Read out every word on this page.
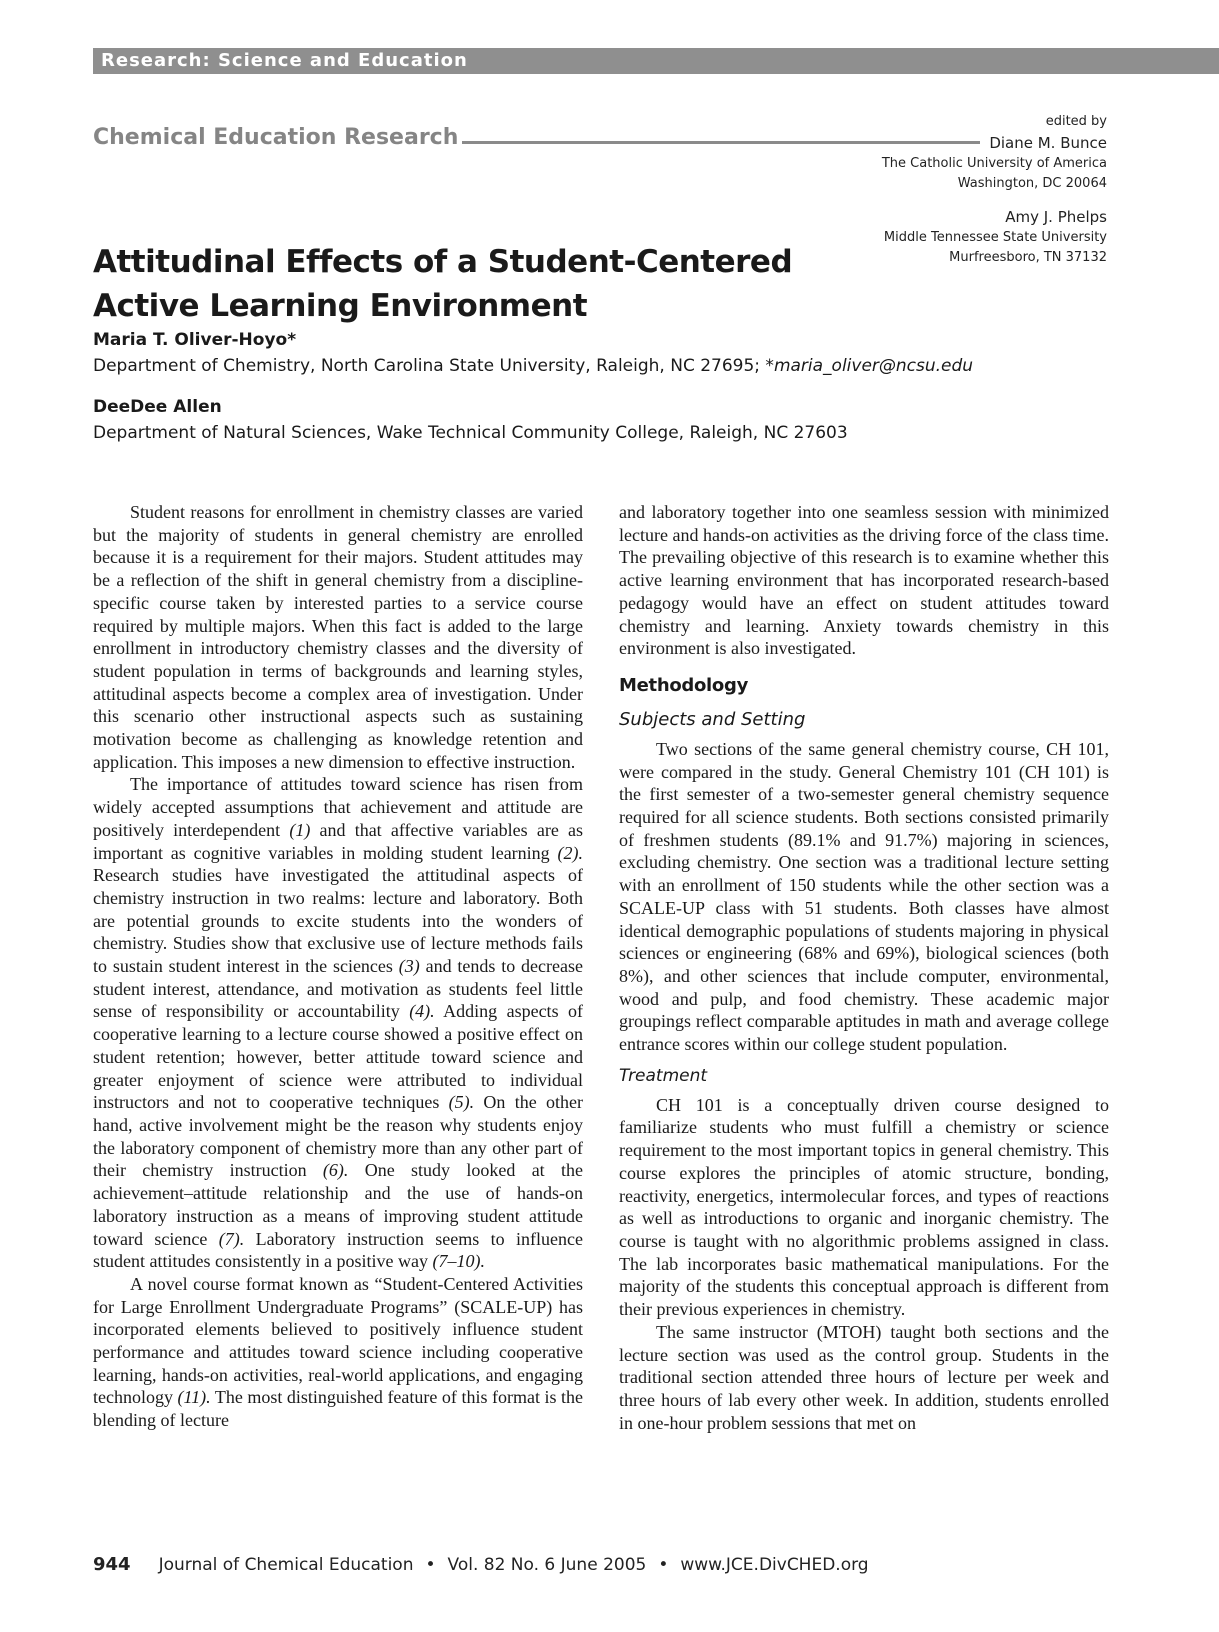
Research: Science and Education
Chemical Education Research
edited by
Diane M. Bunce
The Catholic University of America
Washington, DC 20064
Amy J. Phelps
Middle Tennessee State University
Murfreesboro, TN 37132
Attitudinal Effects of a Student-Centered
Active Learning Environment
Maria T. Oliver-Hoyo*
Department of Chemistry, North Carolina State University, Raleigh, NC 27695; *maria_oliver@ncsu.edu
DeeDee Allen
Department of Natural Sciences, Wake Technical Community College, Raleigh, NC 27603

Student reasons for enrollment in chemistry classes are varied but the majority of students in general chemistry are enrolled because it is a requirement for their majors. Student attitudes may be a reflection of the shift in general chemistry from a discipline-specific course taken by interested parties to a service course required by multiple majors. When this fact is added to the large enrollment in introductory chemistry classes and the diversity of student population in terms of backgrounds and learning styles, attitudinal aspects become a complex area of investigation. Under this scenario other instructional aspects such as sustaining motivation become as challenging as knowledge retention and application. This imposes a new dimension to effective instruction.

The importance of attitudes toward science has risen from widely accepted assumptions that achievement and attitude are positively interdependent (1) and that affective variables are as important as cognitive variables in molding student learning (2). Research studies have investigated the attitudinal aspects of chemistry instruction in two realms: lecture and laboratory. Both are potential grounds to excite students into the wonders of chemistry. Studies show that exclusive use of lecture methods fails to sustain student interest in the sciences (3) and tends to decrease student interest, attendance, and motivation as students feel little sense of responsibility or accountability (4). Adding aspects of cooperative learning to a lecture course showed a positive effect on student retention; however, better attitude toward science and greater enjoyment of science were attributed to individual instructors and not to cooperative techniques (5). On the other hand, active involvement might be the reason why students enjoy the laboratory component of chemistry more than any other part of their chemistry instruction (6). One study looked at the achievement–attitude relationship and the use of hands-on laboratory instruction as a means of improving student attitude toward science (7). Laboratory instruction seems to influence student attitudes consistently in a positive way (7–10).

A novel course format known as “Student-Centered Activities for Large Enrollment Undergraduate Programs” (SCALE-UP) has incorporated elements believed to positively influence student performance and attitudes toward science including cooperative learning, hands-on activities, real-world applications, and engaging technology (11). The most distinguished feature of this format is the blending of lecture

and laboratory together into one seamless session with minimized lecture and hands-on activities as the driving force of the class time. The prevailing objective of this research is to examine whether this active learning environment that has incorporated research-based pedagogy would have an effect on student attitudes toward chemistry and learning. Anxiety towards chemistry in this environment is also investigated.

Methodology
Subjects and Setting

Two sections of the same general chemistry course, CH 101, were compared in the study. General Chemistry 101 (CH 101) is the first semester of a two-semester general chemistry sequence required for all science students. Both sections consisted primarily of freshmen students (89.1% and 91.7%) majoring in sciences, excluding chemistry. One section was a traditional lecture setting with an enrollment of 150 students while the other section was a SCALE-UP class with 51 students. Both classes have almost identical demographic populations of students majoring in physical sciences or engineering (68% and 69%), biological sciences (both 8%), and other sciences that include computer, environmental, wood and pulp, and food chemistry. These academic major groupings reflect comparable aptitudes in math and average college entrance scores within our college student population.

Treatment

CH 101 is a conceptually driven course designed to familiarize students who must fulfill a chemistry or science requirement to the most important topics in general chemistry. This course explores the principles of atomic structure, bonding, reactivity, energetics, intermolecular forces, and types of reactions as well as introductions to organic and inorganic chemistry. The course is taught with no algorithmic problems assigned in class. The lab incorporates basic mathematical manipulations. For the majority of the students this conceptual approach is different from their previous experiences in chemistry.

The same instructor (MTOH) taught both sections and the lecture section was used as the control group. Students in the traditional section attended three hours of lecture per week and three hours of lab every other week. In addition, students enrolled in one-hour problem sessions that met on

944 Journal of Chemical Education • Vol. 82 No. 6 June 2005 • www.JCE.DivCHED.org
